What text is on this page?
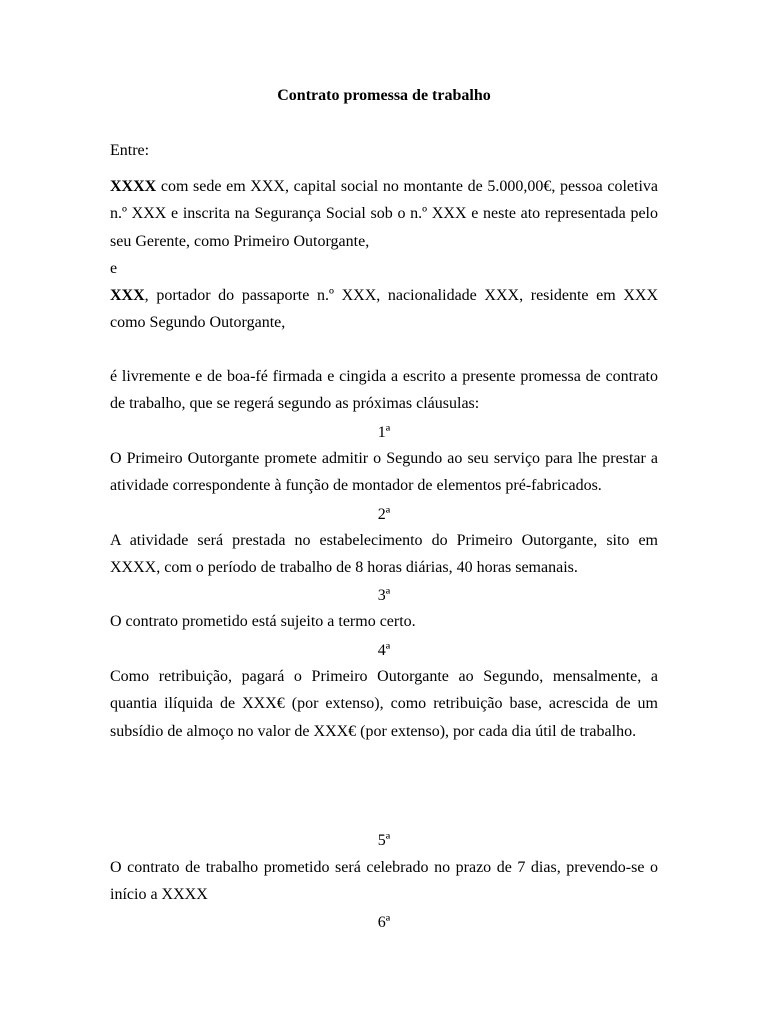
Contrato promessa de trabalho
Entre:
XXXX com sede em XXX, capital social no montante de 5.000,00€, pessoa coletiva n.º XXX e inscrita na Segurança Social sob o n.º XXX e neste ato representada pelo seu Gerente, como Primeiro Outorgante,
e
XXX, portador do passaporte n.º XXX, nacionalidade XXX, residente em XXX como Segundo Outorgante,
é livremente e de boa-fé firmada e cingida a escrito a presente promessa de contrato de trabalho, que se regerá segundo as próximas cláusulas:
1ª
O Primeiro Outorgante promete admitir o Segundo ao seu serviço para lhe prestar a atividade correspondente à função de montador de elementos pré-fabricados.
2ª
A atividade será prestada no estabelecimento do Primeiro Outorgante, sito em XXXX, com o período de trabalho de 8 horas diárias, 40 horas semanais.
3ª
O contrato prometido está sujeito a termo certo.
4ª
Como retribuição, pagará o Primeiro Outorgante ao Segundo, mensalmente, a quantia ilíquida de XXX€ (por extenso), como retribuição base, acrescida de um subsídio de almoço no valor de XXX€ (por extenso), por cada dia útil de trabalho.
5ª
O contrato de trabalho prometido será celebrado no prazo de 7 dias, prevendo-se o início a XXXX
6ª
